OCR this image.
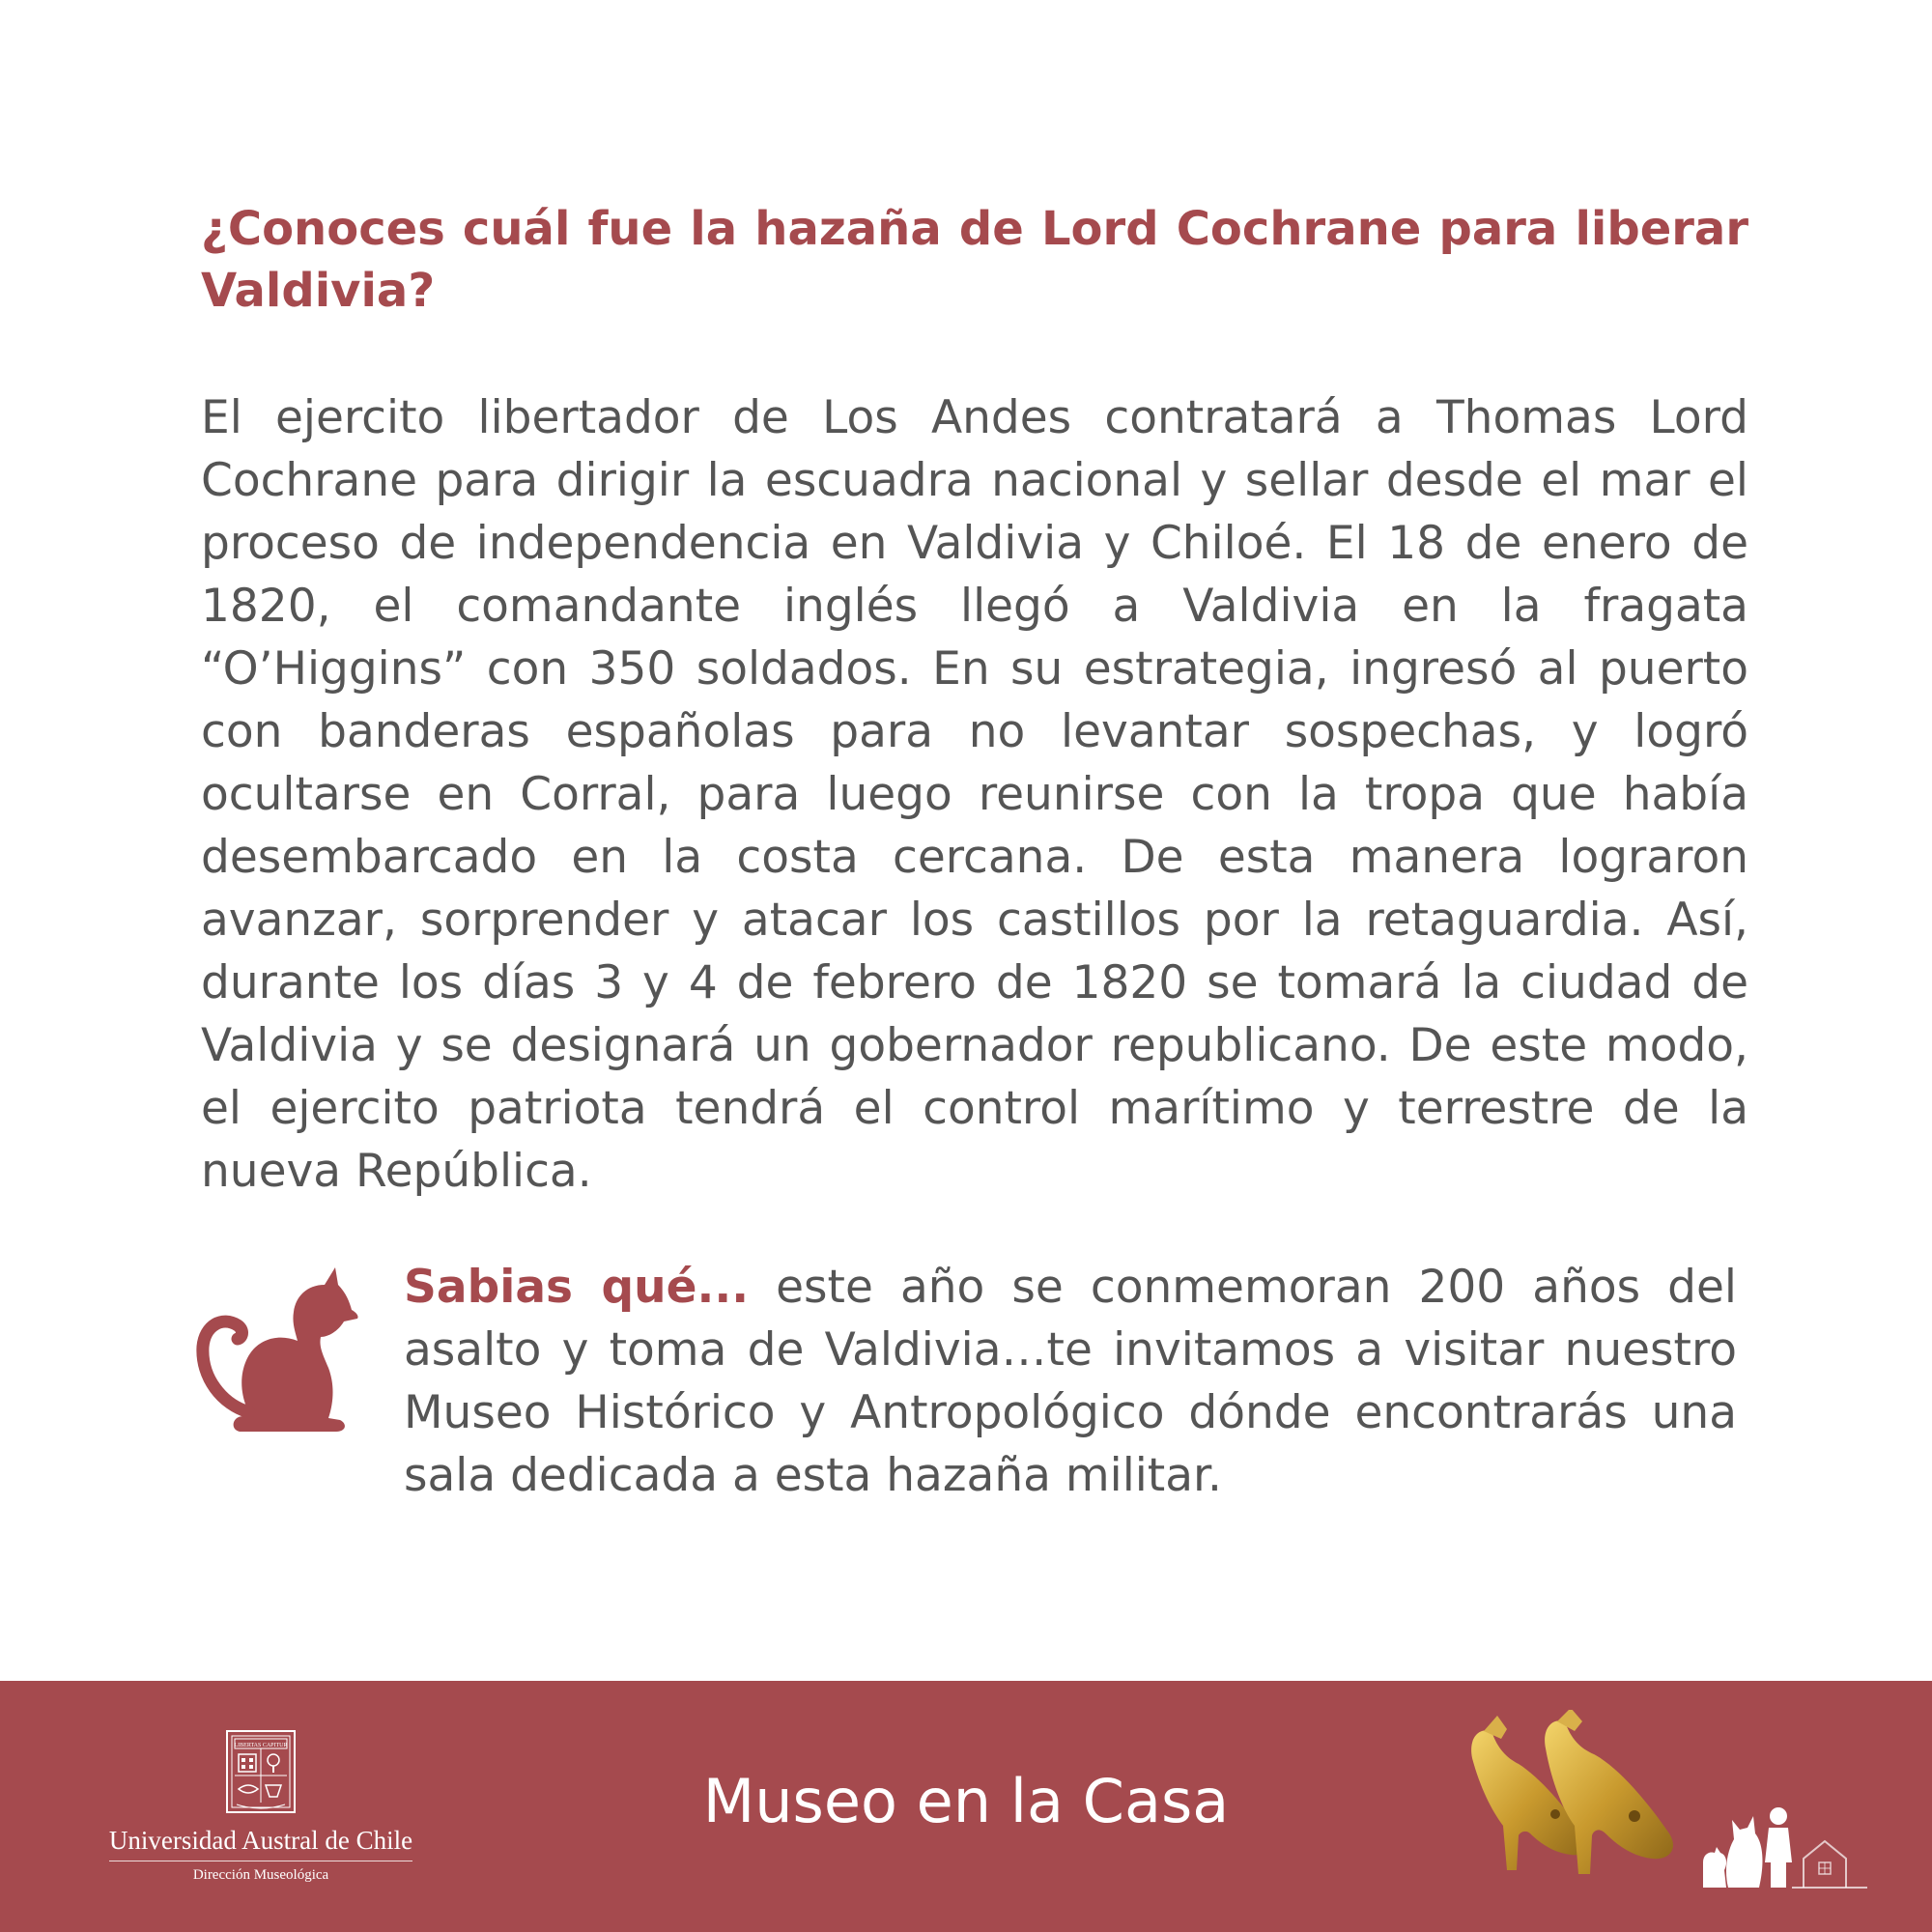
¿Conoces cuál fue la hazaña de Lord Cochrane para liberar Valdivia?

El ejercito libertador de Los Andes contratará a Thomas Lord Cochrane para dirigir la escuadra nacional y sellar desde el mar el proceso de independencia en Valdivia y Chiloé. El 18 de enero de 1820, el comandante inglés llegó a Valdivia en la fragata “O’Higgins” con 350 soldados. En su estrategia, ingresó al puerto con banderas españolas para no levantar sospechas, y logró ocultarse en Corral, para luego reunirse con la tropa que había desembarcado en la costa cercana. De esta manera lograron avanzar, sorprender y atacar los castillos por la retaguardia. Así, durante los días 3 y 4 de febrero de 1820 se tomará la ciudad de Valdivia y se designará un gobernador republicano. De este modo, el ejercito patriota tendrá el control marítimo y terrestre de la nueva República.

Sabias qué... este año se conmemoran 200 años del asalto y toma de Valdivia…te invitamos a visitar nuestro Museo Histórico y Antropológico dónde encontrarás una sala dedicada a esta hazaña militar.

LIBERTAS CAPITUR
Universidad Austral de Chile
Dirección Museológica
Museo en la Casa
